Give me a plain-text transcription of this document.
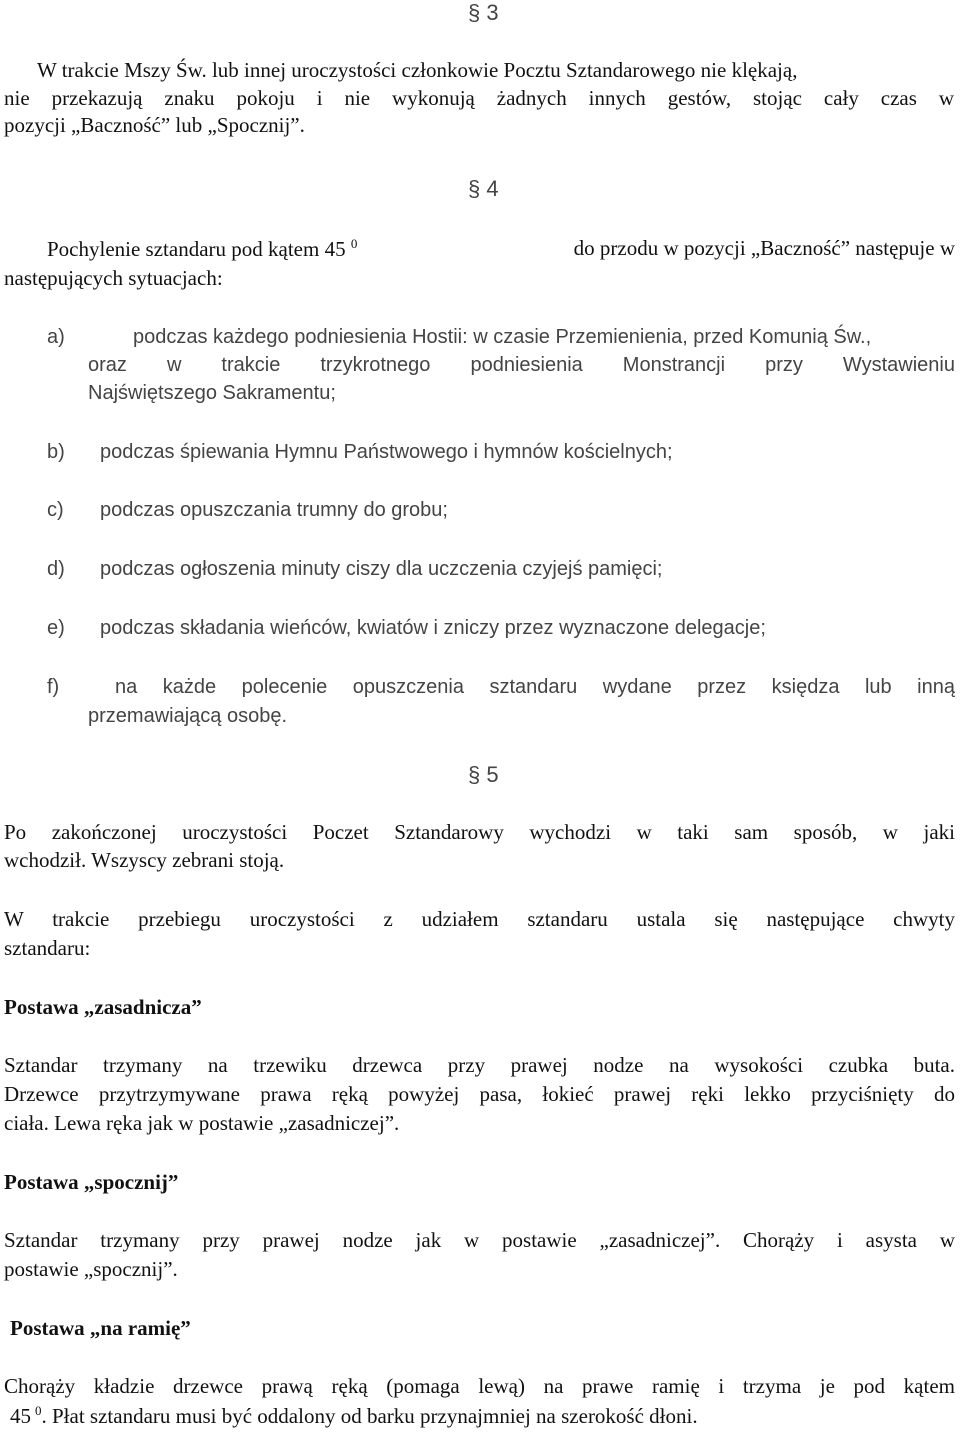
§ 3
W trakcie Mszy Św. lub innej uroczystości członkowie Pocztu Sztandarowego nie klękają,
nie przekazują znaku pokoju i nie wykonują żadnych innych gestów, stojąc cały czas w
pozycji „Baczność” lub „Spocznij”.
§ 4
Pochylenie sztandaru pod kątem 45 $^0$	do przodu w pozycji „Baczność” następuje w
następujących sytuacjach:
a)	podczas każdego podniesienia Hostii: w czasie Przemienienia, przed Komunią Św.,
oraz w trakcie trzykrotnego podniesienia Monstrancji przy Wystawieniu
Najświętszego Sakramentu;
b) podczas śpiewania Hymnu Państwowego i hymnów kościelnych;
c) podczas opuszczania trumny do grobu;
d) podczas ogłoszenia minuty ciszy dla uczczenia czyjejś pamięci;
e) podczas składania wieńców, kwiatów i zniczy przez wyznaczone delegacje;
f)	na każde polecenie opuszczenia sztandaru wydane przez księdza lub inną
przemawiającą osobę.
§ 5
Po zakończonej uroczystości Poczet Sztandarowy wychodzi w taki sam sposób, w jaki
wchodził. Wszyscy zebrani stoją.
W trakcie przebiegu uroczystości z udziałem sztandaru ustala się następujące chwyty
sztandaru:
Postawa „zasadnicza”
Sztandar trzymany na trzewiku drzewca przy prawej nodze na wysokości czubka buta.
Drzewce przytrzymywane prawa ręką powyżej pasa, łokieć prawej ręki lekko przyciśnięty do
ciała. Lewa ręka jak w postawie „zasadniczej”.
Postawa „spocznij”
Sztandar trzymany przy prawej nodze jak w postawie „zasadniczej”. Chorąży i asysta w
postawie „spocznij”.
Postawa „na ramię”
Chorąży kładzie drzewce prawą ręką (pomaga lewą) na prawe ramię i trzyma je pod kątem
45 $^0$. Płat sztandaru musi być oddalony od barku przynajmniej na szerokość dłoni.
